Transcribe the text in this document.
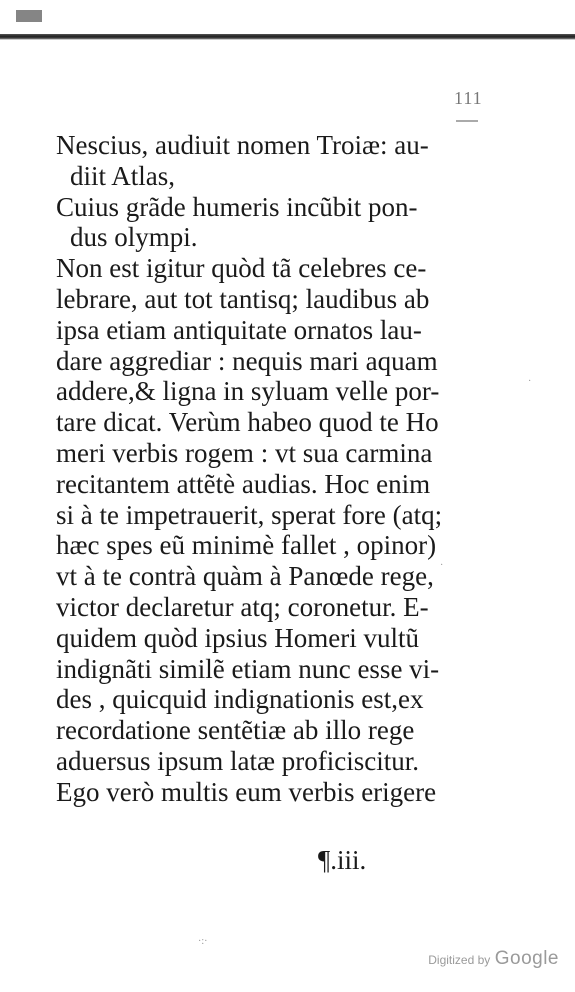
111
Nescius, audiuit nomen Troiæ: au-
diit Atlas,
Cuius grãde humeris incũbit pon-
dus olympi.
Non est igitur quòd tã celebres ce-
lebrare, aut tot tantisq; laudibus ab
ipsa etiam antiquitate ornatos lau-
dare aggrediar : nequis mari aquam
addere,& ligna in syluam velle por-
tare dicat. Verùm habeo quod te Ho
meri verbis rogem : vt sua carmina
recitantem attẽtè audias. Hoc enim
si à te impetrauerit, sperat fore (atq;
hæc spes eũ minimè fallet , opinor)
vt à te contrà quàm à Panœde rege,
victor declaretur atq; coronetur. E-
quidem quòd ipsius Homeri vultũ
indignãti similẽ etiam nunc esse vi-
des , quicquid indignationis est,ex
recordatione sentẽtiæ ab illo rege
aduersus ipsum latæ proficiscitur.
Ego verò multis eum verbis erigere
¶.iii.
·:·
·
·
Digitized by Google
